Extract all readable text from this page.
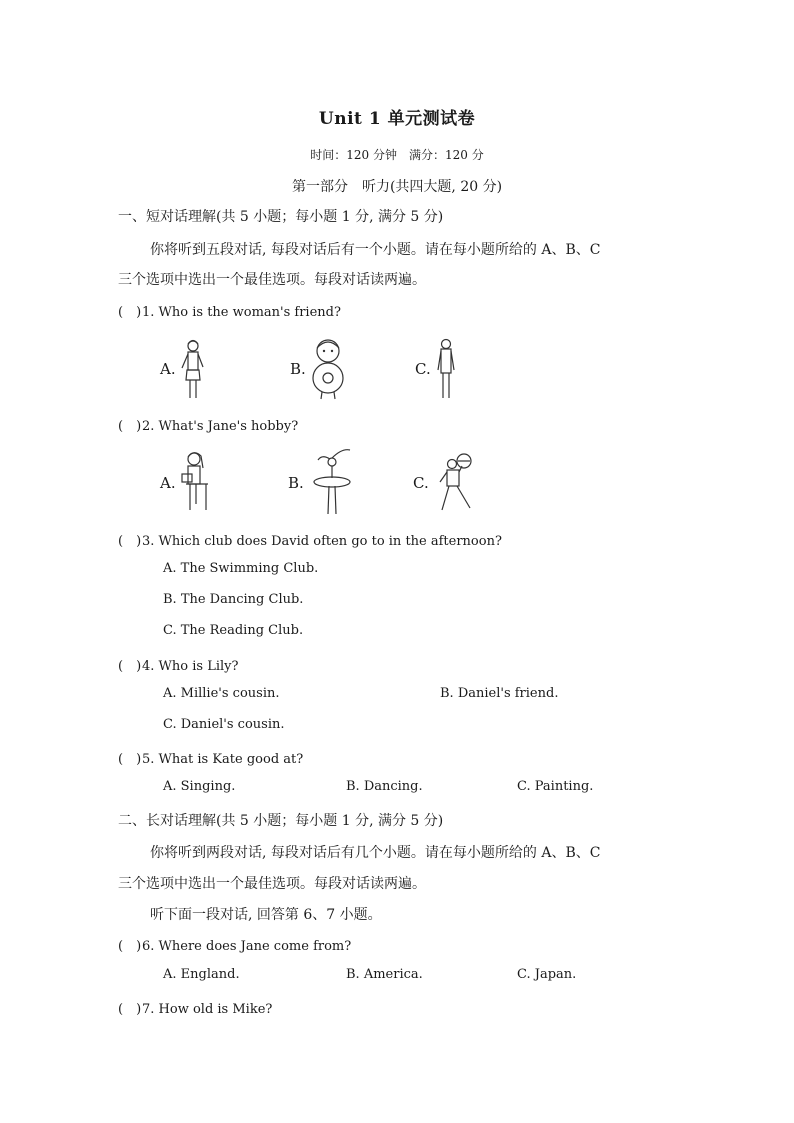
Unit 1 单元测试卷
时间：120 分钟　满分：120 分
第一部分　听力(共四大题, 20 分)
一、短对话理解(共 5 小题；每小题 1 分, 满分 5 分)
你将听到五段对话, 每段对话后有一个小题。请在每小题所给的 A、B、C
三个选项中选出一个最佳选项。每段对话读两遍。
(　)1. Who is the woman's friend?
A.	B.	C.
(　)2. What's Jane's hobby?
A.	B.	C.
(　)3. Which club does David often go to in the afternoon?
A. The Swimming Club.
B. The Dancing Club.
C. The Reading Club.
(　)4. Who is Lily?
A. Millie's cousin.	B. Daniel's friend.
C. Daniel's cousin.
(　)5. What is Kate good at?
A. Singing.	B. Dancing.	C. Painting.
二、长对话理解(共 5 小题；每小题 1 分, 满分 5 分)
你将听到两段对话, 每段对话后有几个小题。请在每小题所给的 A、B、C
三个选项中选出一个最佳选项。每段对话读两遍。
听下面一段对话, 回答第 6、7 小题。
(　)6. Where does Jane come from?
A. England.	B. America.	C. Japan.
(　)7. How old is Mike?
